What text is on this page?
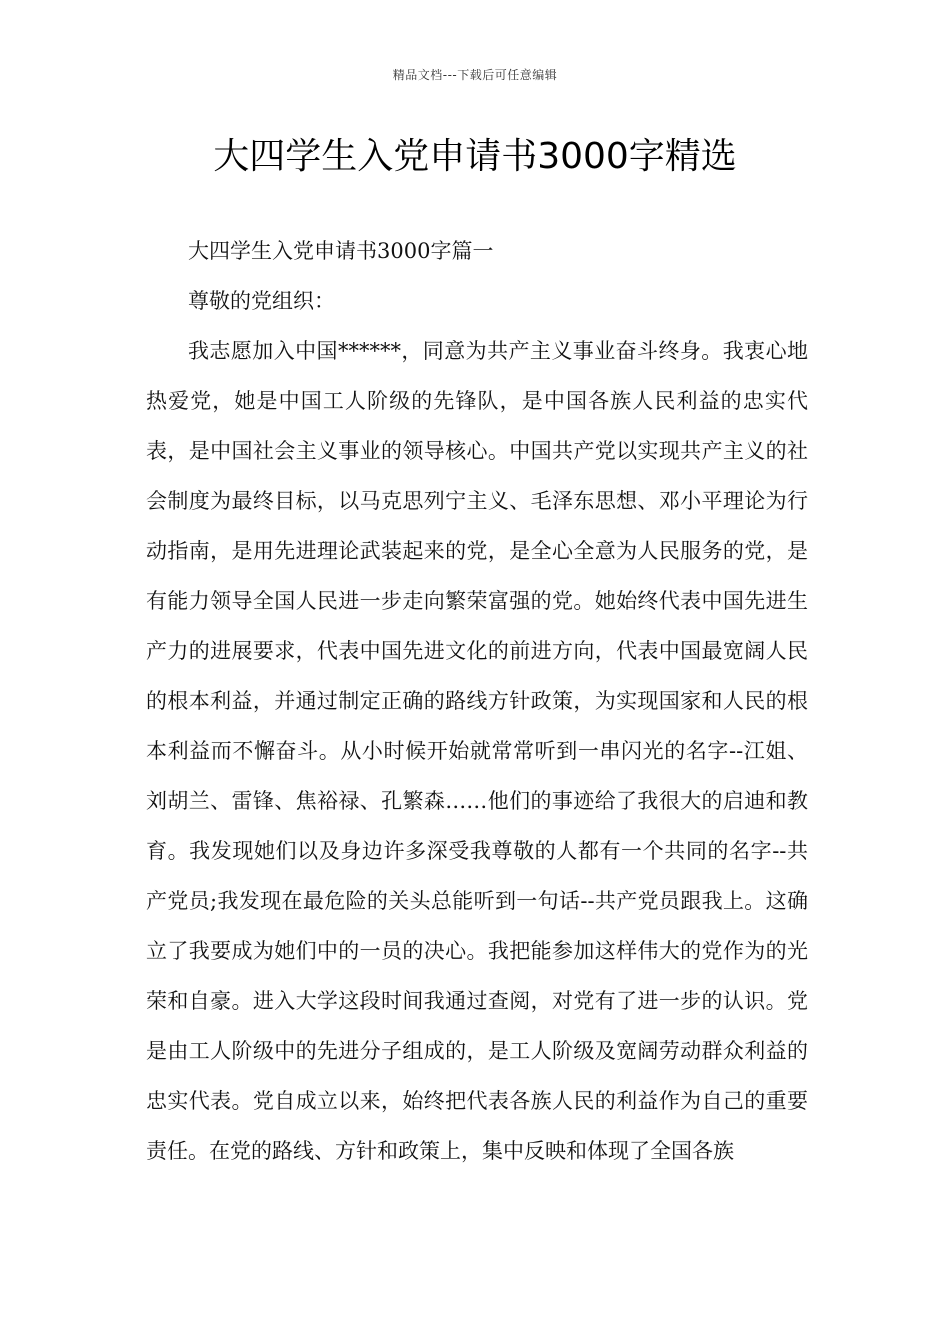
精品文档---下载后可任意编辑
大四学生入党申请书3000字精选

大四学生入党申请书3000字篇一

尊敬的党组织：

我志愿加入中国******，同意为共产主义事业奋斗终身。我衷心地热爱党，她是中国工人阶级的先锋队，是中国各族人民利益的忠实代表，是中国社会主义事业的领导核心。中国共产党以实现共产主义的社会制度为最终目标，以马克思列宁主义、毛泽东思想、邓小平理论为行动指南，是用先进理论武装起来的党，是全心全意为人民服务的党，是有能力领导全国人民进一步走向繁荣富强的党。她始终代表中国先进生产力的进展要求，代表中国先进文化的前进方向，代表中国最宽阔人民的根本利益，并通过制定正确的路线方针政策，为实现国家和人民的根本利益而不懈奋斗。从小时候开始就常常听到一串闪光的名字--江姐、刘胡兰、雷锋、焦裕禄、孔繁森……他们的事迹给了我很大的启迪和教育。我发现她们以及身边许多深受我尊敬的人都有一个共同的名字--共产党员;我发现在最危险的关头总能听到一句话--共产党员跟我上。这确立了我要成为她们中的一员的决心。我把能参加这样伟大的党作为的光荣和自豪。进入大学这段时间我通过查阅，对党有了进一步的认识。党是由工人阶级中的先进分子组成的，是工人阶级及宽阔劳动群众利益的忠实代表。党自成立以来，始终把代表各族人民的利益作为自己的重要责任。在党的路线、方针和政策上，集中反映和体现了全国各族
